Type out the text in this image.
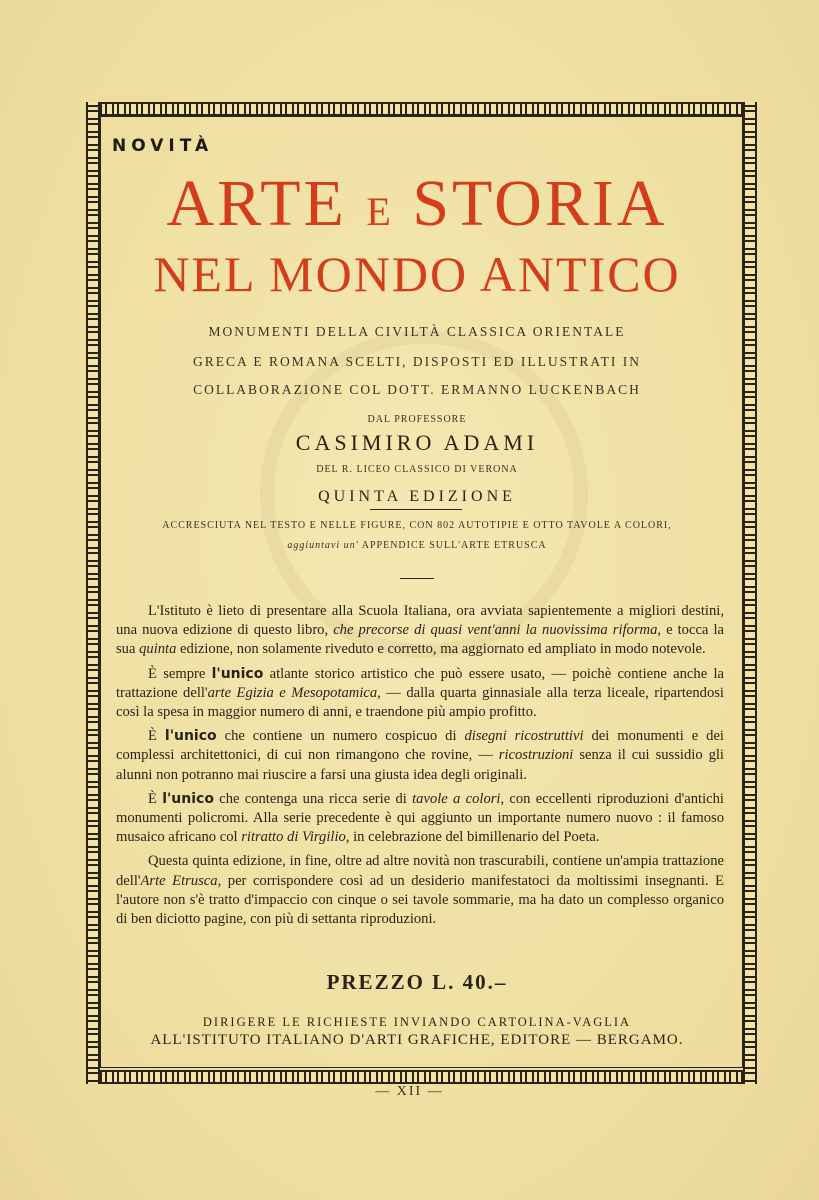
NOVITÀ
ARTE E STORIA
NEL MONDO ANTICO
MONUMENTI DELLA CIVILTÀ CLASSICA ORIENTALE
GRECA E ROMANA SCELTI, DISPOSTI ED ILLUSTRATI IN
COLLABORAZIONE COL DOTT. ERMANNO LUCKENBACH
DAL PROFESSORE
CASIMIRO ADAMI
DEL R. LICEO CLASSICO DI VERONA
QUINTA EDIZIONE
ACCRESCIUTA NEL TESTO E NELLE FIGURE, CON 802 AUTOTIPIE E OTTO TAVOLE A COLORI,
aggiuntavi un' APPENDICE SULL'ARTE ETRUSCA

L'Istituto è lieto di presentare alla Scuola Italiana, ora avviata sapientemente a migliori destini, una nuova edizione di questo libro, che precorse di quasi vent'anni la nuovissima riforma, e tocca la sua quinta edizione, non solamente riveduto e corretto, ma aggiornato ed ampliato in modo notevole.

È sempre l'unico atlante storico artistico che può essere usato, — poichè contiene anche la trattazione dell'arte Egizia e Mesopotamica, — dalla quarta ginnasiale alla terza liceale, ripartendosi così la spesa in maggior numero di anni, e traendone più ampio profitto.

È l'unico che contiene un numero cospicuo di disegni ricostruttivi dei monumenti e dei complessi architettonici, di cui non rimangono che rovine, — ricostruzioni senza il cui sussidio gli alunni non potranno mai riuscire a farsi una giusta idea degli originali.

È l'unico che contenga una ricca serie di tavole a colori, con eccellenti riproduzioni d'antichi monumenti policromi. Alla serie precedente è qui aggiunto un importante numero nuovo : il famoso musaico africano col ritratto di Virgilio, in celebrazione del bimillenario del Poeta.

Questa quinta edizione, in fine, oltre ad altre novità non trascurabili, contiene un'ampia trattazione dell'Arte Etrusca, per corrispondere così ad un desiderio manifestatoci da moltissimi insegnanti. E l'autore non s'è tratto d'impaccio con cinque o sei tavole sommarie, ma ha dato un complesso organico di ben diciotto pagine, con più di settanta riproduzioni.

PREZZO L. 40.–
DIRIGERE LE RICHIESTE INVIANDO CARTOLINA-VAGLIA
ALL'ISTITUTO ITALIANO D'ARTI GRAFICHE, EDITORE — BERGAMO.
— XII —
